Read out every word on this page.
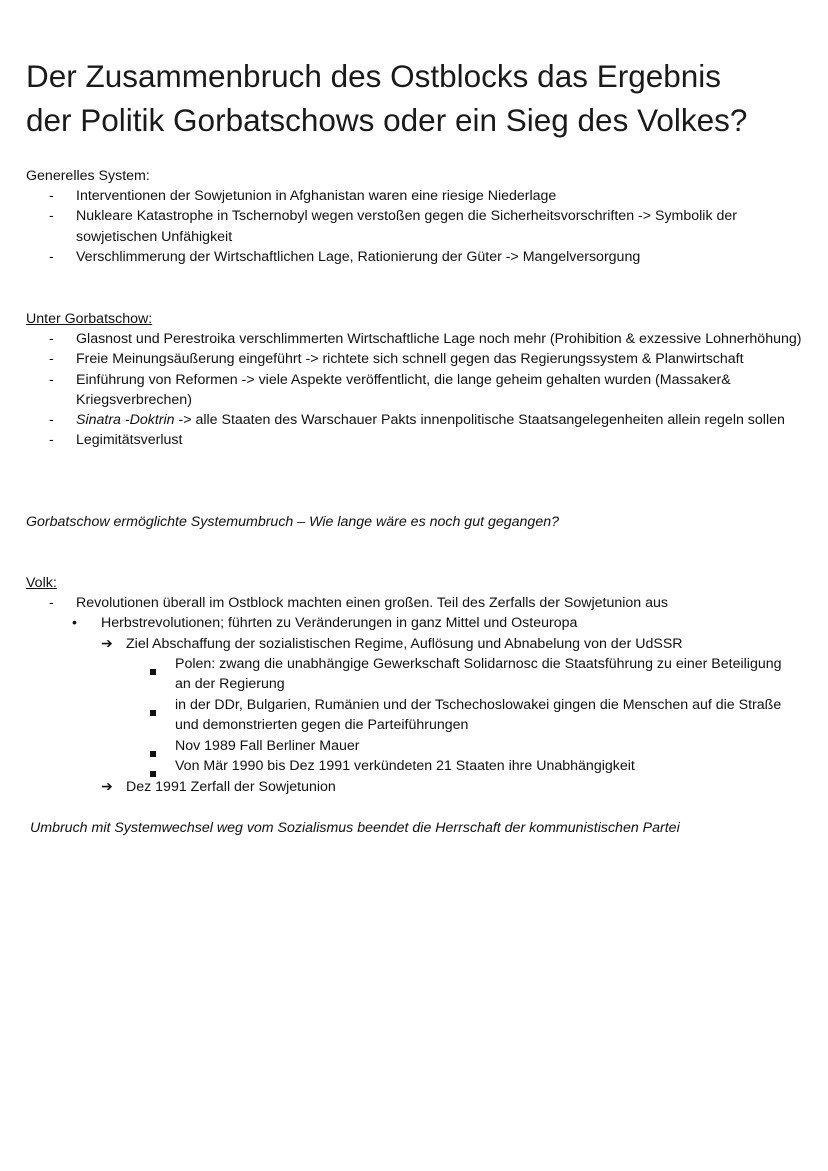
Der Zusammenbruch des Ostblocks das Ergebnis
der Politik Gorbatschows oder ein Sieg des Volkes?

Generelles System:

- Interventionen der Sowjetunion in Afghanistan waren eine riesige Niederlage
- Nukleare Katastrophe in Tschernobyl wegen verstoßen gegen die Sicherheitsvorschriften -> Symbolik der sowjetischen Unfähigkeit
- Verschlimmerung der Wirtschaftlichen Lage, Rationierung der Güter -> Mangelversorgung

Unter Gorbatschow:

- Glasnost und Perestroika verschlimmerten Wirtschaftliche Lage noch mehr (Prohibition & exzessive Lohnerhöhung)
- Freie Meinungsäußerung eingeführt -> richtete sich schnell gegen das Regierungssystem & Planwirtschaft
- Einführung von Reformen -> viele Aspekte veröffentlicht, die lange geheim gehalten wurden (Massaker& Kriegsverbrechen)
- Sinatra -Doktrin -> alle Staaten des Warschauer Pakts innenpolitische Staatsangelegenheiten allein regeln sollen
- Legimitätsverlust

Gorbatschow ermöglichte Systemumbruch – Wie lange wäre es noch gut gegangen?

Volk:

- Revolutionen überall im Ostblock machten einen großen. Teil des Zerfalls der Sowjetunion aus
• Herbstrevolutionen; führten zu Veränderungen in ganz Mittel und Osteuropa
➔ Ziel Abschaffung der sozialistischen Regime, Auflösung und Abnabelung von der UdSSR
Polen: zwang die unabhängige Gewerkschaft Solidarnosc die Staatsführung zu einer Beteiligung an der Regierung
in der DDr, Bulgarien, Rumänien und der Tschechoslowakei gingen die Menschen auf die Straße und demonstrierten gegen die Parteiführungen
Nov 1989 Fall Berliner Mauer
Von Mär 1990 bis Dez 1991 verkündeten 21 Staaten ihre Unabhängigkeit
➔ Dez 1991 Zerfall der Sowjetunion

Umbruch mit Systemwechsel weg vom Sozialismus beendet die Herrschaft der kommunistischen Partei
